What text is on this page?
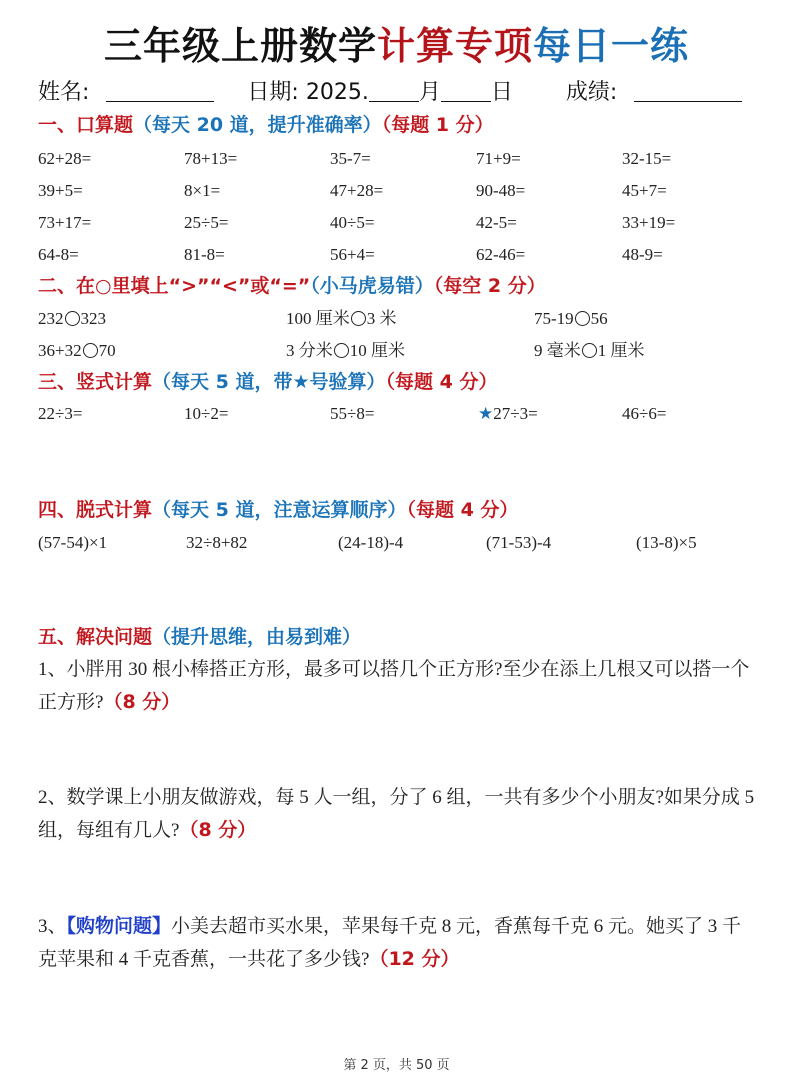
三年级上册数学计算专项每日一练
姓名:	日期: 2025. 月 日 成绩:
一、口算题（每天 20 道，提升准确率）（每题 1 分）
62+28=	78+13=	35-7=	71+9=	32-15=
39+5=	8×1=	47+28=	90-48=	45+7=
73+17=	25÷5=	40÷5=	42-5=	33+19=
64-8=	81-8=	56+4=	62-46=	48-9=
二、在○里填上“>”“<”或“=”（小马虎易错）（每空 2 分）
232 323	100 厘米 3 米	75-19 56
36+32 70	3 分米 10 厘米	9 毫米 1 厘米
三、竖式计算（每天 5 道，带★号验算）（每题 4 分）
22÷3=	10÷2=	55÷8=	★27÷3=	46÷6=
四、脱式计算（每天 5 道，注意运算顺序）（每题 4 分）
(57-54)×1	32÷8+82	(24-18)-4	(71-53)-4	(13-8)×5
五、解决问题（提升思维，由易到难）
1、小胖用 30 根小棒搭正方形，最多可以搭几个正方形?至少在添上几根又可以搭一个正方形?（8 分）
2、数学课上小朋友做游戏，每 5 人一组，分了 6 组，一共有多少个小朋友?如果分成 5 组，每组有几人?（8 分）
3、【购物问题】小美去超市买水果，苹果每千克 8 元，香蕉每千克 6 元。她买了 3 千克苹果和 4 千克香蕉，一共花了多少钱?（12 分）
第 2 页，共 50 页
